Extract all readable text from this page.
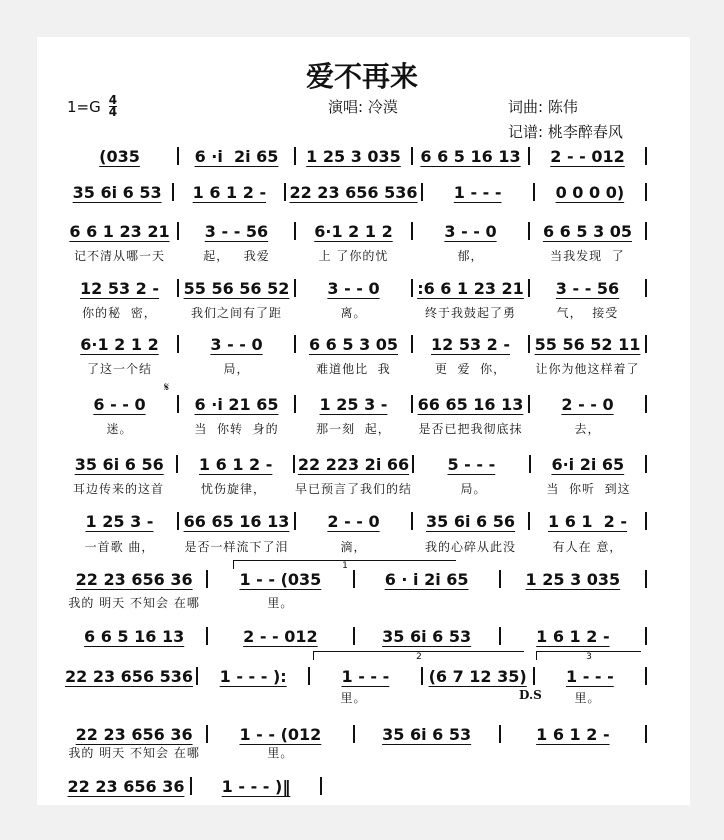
爱不再来
$1=G \frac{4}{4}$	演唱: 冷漠	词曲: 陈伟
记谱: 桃李醉春风
(035	6 ·i  2i 65	1 25 3 035	6 6 5 16 13	2 - - 012
35 6i 6 53	1 6 1 2 -	22 23 656 536	1 - - -	0 0 0 0)
6 6 1 23 21	3 - - 56	6·1 2 1 2	3 - - 0	6 6 5 3 05
记不清从哪一天	起，   我爱	上 了你的忧	郁，	当我发现  了
12 53 2 -	55 56 56 52	3 - - 0	:6 6 1 23 21	3 - - 56
你的秘  密，	我们之间有了距	离。	终于我鼓起了勇	气，  接受
6·1 2 1 2	3 - - 0	6 6 5 3 05	12 53 2 -	55 56 52 11
了这一个结	局，	难道他比  我	更  爱  你，	让你为他这样着了
6 - - 0	6 ·i 21 65	1 25 3 -	66 65 16 13	2 - - 0
迷。	当  你转  身的	那一刻  起，	是否已把我彻底抹	去，
35 6i 6 56	1 6 1 2 -	22 223 2i 66	5 - - -	6·i 2i 65
耳边传来的这首	忧伤旋律，	早已预言了我们的结	局。	当  你听  到这
1 25 3 -	66 65 16 13	2 - - 0	35 6i 6 56	1 6 1  2 -
一首歌 曲，	是否一样流下了泪	滴，	我的心碎从此没	有人在 意，
22 23 656 36	1 - - (035	6 · i 2i 65	1 25 3 035
我的 明天 不知会 在哪	里。
6 6 5 16 13	2 - - 012	35 6i 6 53	1 6 1 2 -
22 23 656 536	1 - - - ):	1 - - -	(6 7 12 35)	1 - - -
里。	里。
22 23 656 36	1 - - (012	35 6i 6 53	1 6 1 2 -
我的 明天 不知会 在哪	里。
22 23 656 36	1 - - - )‖
𝄋
1
2	3
D.S
